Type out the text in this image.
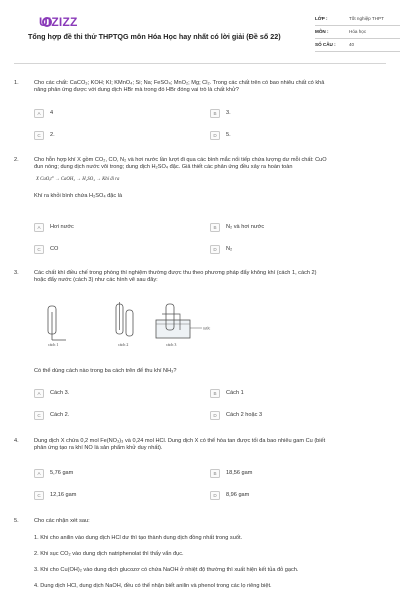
UIZIZZ
Tổng hợp đề thi thử THPTQG môn Hóa Học hay nhất có lời giải (Đề số 22)
LỚP :	Tốt nghiệp THPT
MÔN :	Hóa học
SỐ CÂU :	40
1.	Cho các chất: CaCO₃; KOH; KI; KMnO₄; Si; Na; FeSO₄; MnO₂; Mg; Cl₂. Trong các chất trên có bao nhiêu chất có khả
năng phản ứng được với dung dịch HBr mà trong đó HBr đóng vai trò là chất khử?
A	4	B	3.
C	2.	D	5.
2.	Cho hỗn hợp khí X gồm CO₂, CO, N₂ và hơi nước lần lượt đi qua các bình mắc nối tiếp chứa lượng dư mỗi chất: CuO
đun nóng; dung dịch nước vôi trong; dung dịch H₂SO₄ đặc. Giả thiết các phản ứng đều xảy ra hoàn toàn
X CuO,t° → CaOH₂ → H₂SO₄ → Khí đi ra
Khí ra khỏi bình chứa H₂SO₄ đặc là
A	Hơi nước	B	N₂ và hơi nước
C	CO	D	N₂
3.	Các chất khí điều chế trong phòng thí nghiệm thường được thu theo phương pháp đẩy không khí (cách 1, cách 2)
hoặc đẩy nước (cách 3) như các hình vẽ sau đây:
Có thể dùng cách nào trong ba cách trên để thu khí NH₃?
A	Cách 3.	B	Cách 1
C	Cách 2.	D	Cách 2 hoặc 3
cách 1	cách 2	cách 3
nước
4.	Dung dịch X chứa 0,2 mol Fe(NO₃)₃ và 0,24 mol HCl. Dung dịch X có thể hòa tan được tối đa bao nhiêu gam Cu (biết
phản ứng tạo ra khí NO là sản phẩm khử duy nhất).
A	5,76 gam	B	18,56 gam
C	12,16 gam	D	8,96 gam
5.	Cho các nhận xét sau:
1. Khi cho anilin vào dung dịch HCl dư thì tạo thành dung dịch đồng nhất trong suốt.
2. Khi sục CO₂ vào dung dịch natriphenolat thì thấy vẩn đục.
3. Khi cho Cu(OH)₂ vào dung dịch glucozơ có chứa NaOH ở nhiệt độ thường thì xuất hiện kết tủa đỏ gạch.
4. Dung dịch HCl, dung dịch NaOH, đều có thể nhận biết anilin và phenol trong các lọ riêng biệt.
